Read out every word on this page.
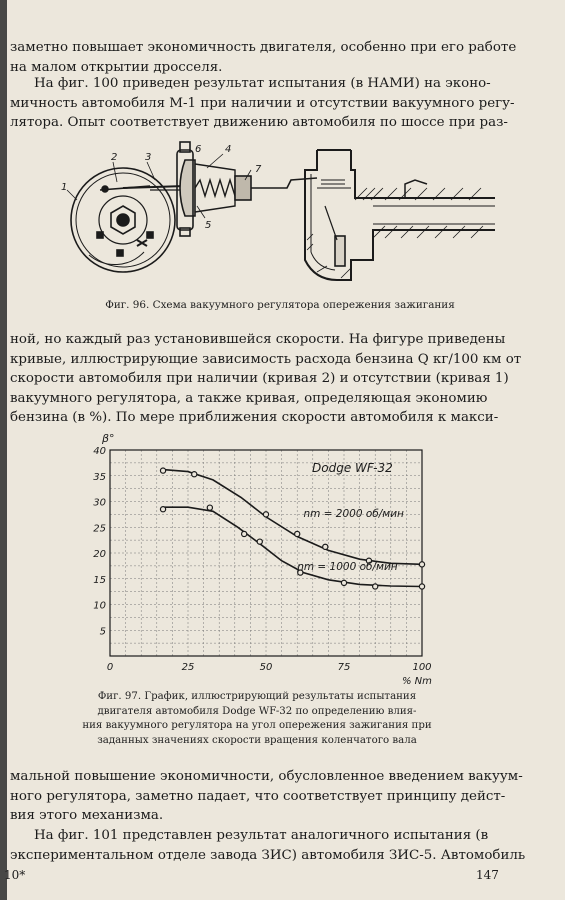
заметно повышает экономичность двигателя, особенно при его работе
на малом открытии дросселя.
На фиг. 100 приведен результат испытания (в НАМИ) на эконо-
мичность автомобиля М-1 при наличии и отсутствии вакуумного регу-
лятора. Опыт соответствует движению автомобиля по шоссе при раз-
1
2	3
4
5
6
7
Фиг. 96. Схема вакуумного регулятора опережения зажигания
ной, но каждый раз установившейся скорости. На фигуре приведены
кривые, иллюстрирующие зависимость расхода бензина Q кг/100 км от
скорости автомобиля при наличии (кривая 2) и отсутствии (кривая 1)
вакуумного регулятора, а также кривая, определяющая экономию
бензина (в %). По мере приближения скорости автомобиля к макси-
5
10
15
20
25
30
35
40
0	25	50	75	100
β°
% Nm
Dodge WF-32
nm = 2000 об/мин
nm = 1000 об/мин
Фиг. 97. График, иллюстрирующий результаты испытания
двигателя автомобиля Dodge WF-32 по определению влия-
ния вакуумного регулятора на угол опережения зажигания при
заданных значениях скорости вращения коленчатого вала
мальной повышение экономичности, обусловленное введением вакуум-
ного регулятора, заметно падает, что соответствует принципу дейст-
вия этого механизма.
На фиг. 101 представлен результат аналогичного испытания (в
экспериментальном отделе завода ЗИС) автомобиля ЗИС-5. Автомобиль
10*	147
